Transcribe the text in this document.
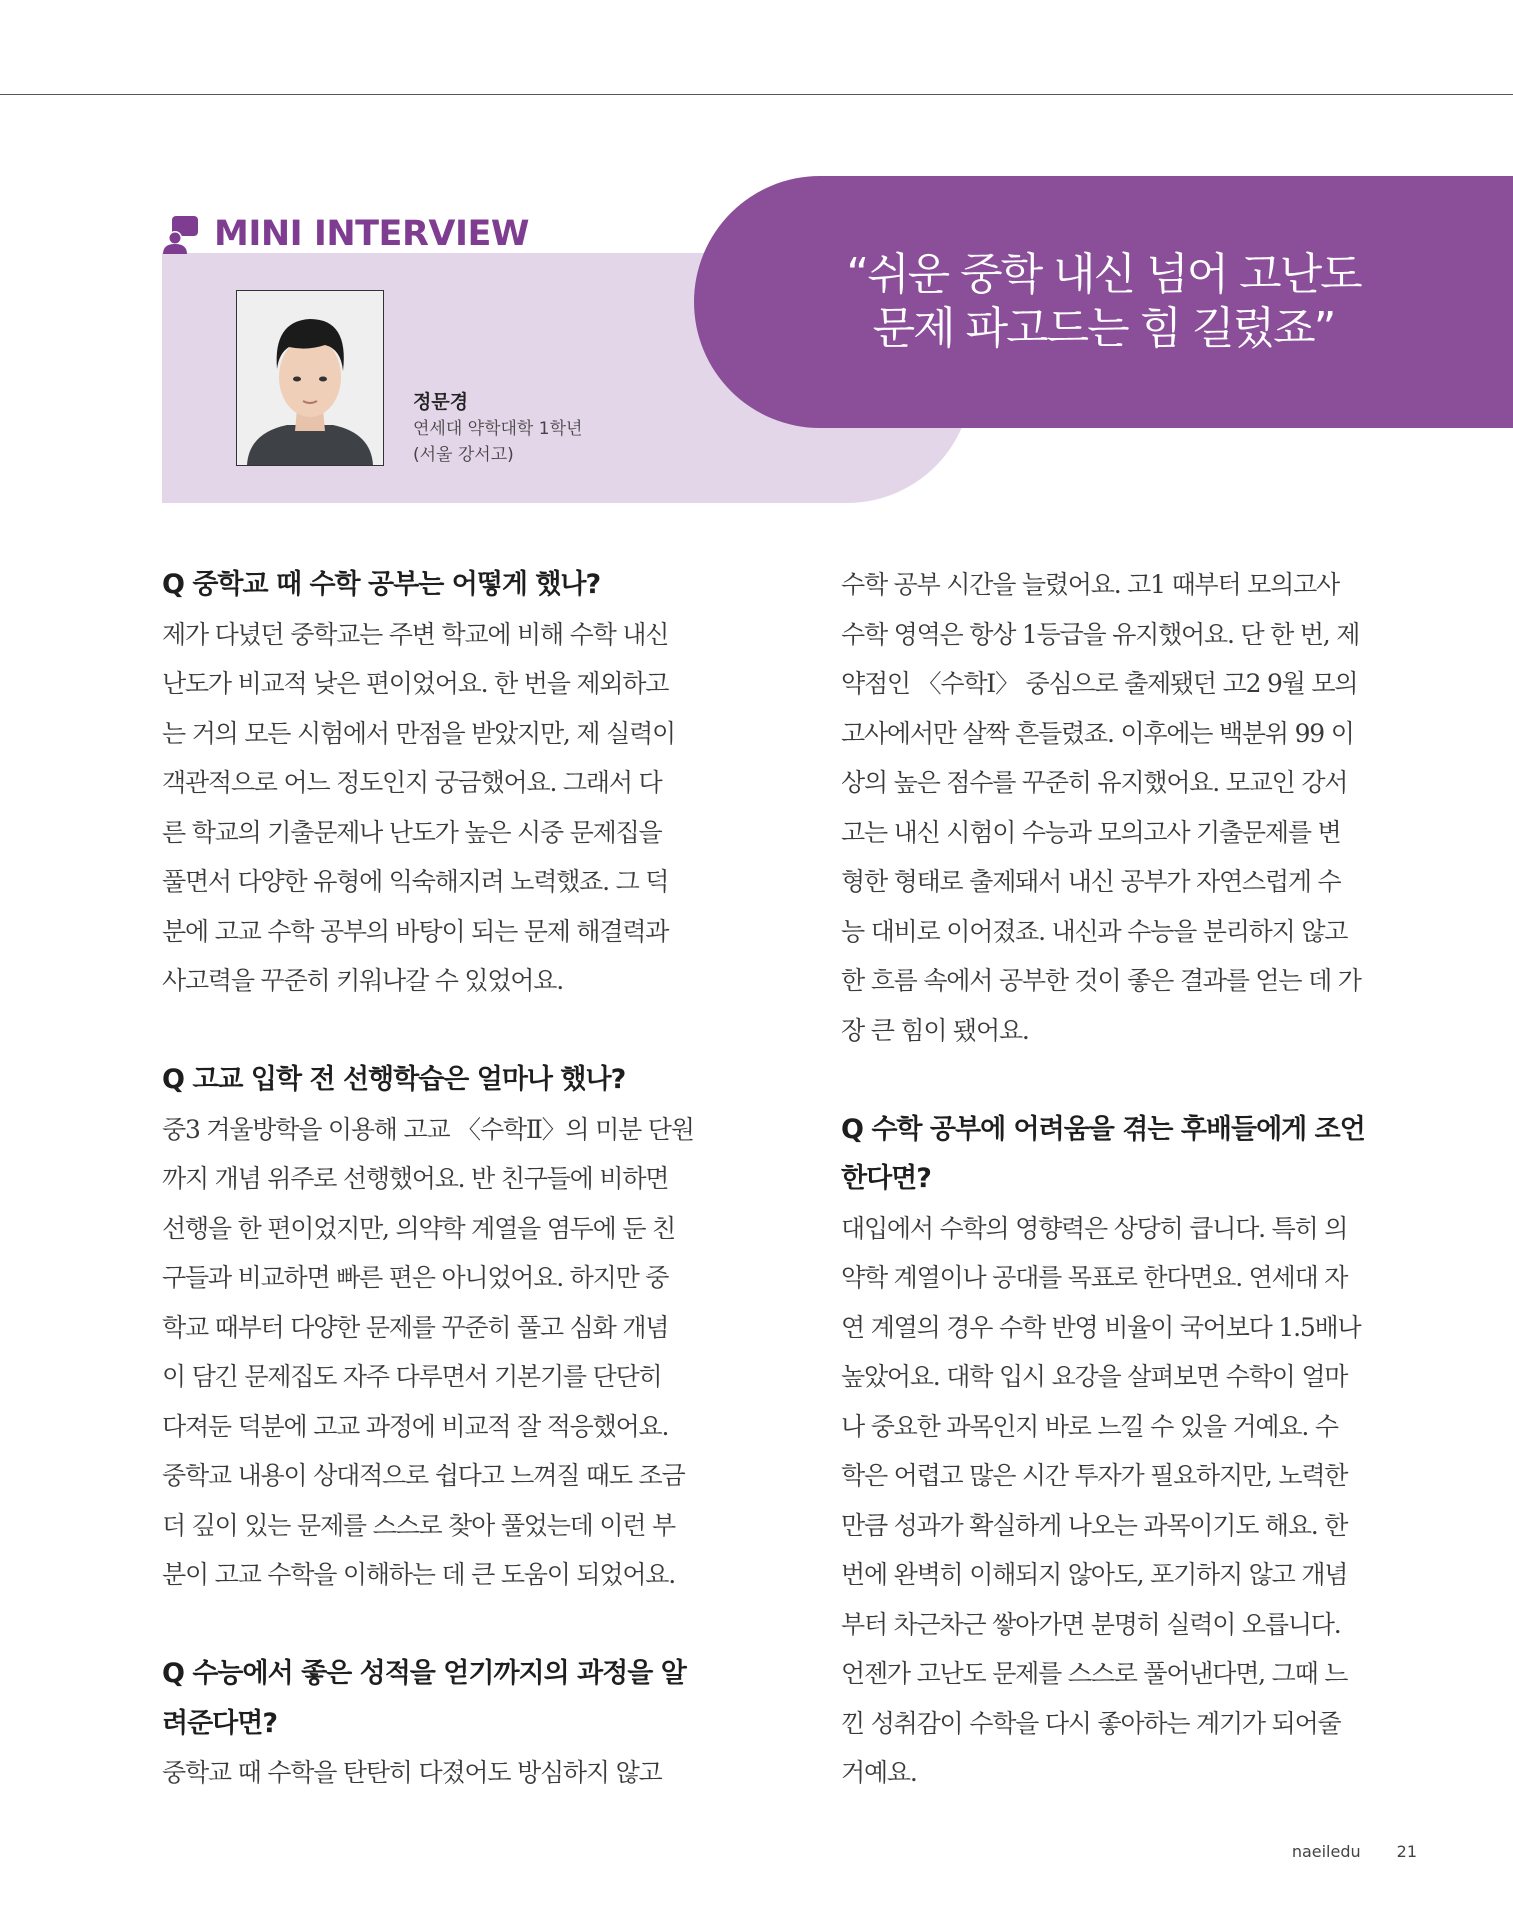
“쉬운 중학 내신 넘어 고난도
문제 파고드는 힘 길렀죠”
MINI INTERVIEW
정문경
연세대 약학대학 1학년
(서울 강서고)
Q 중학교 때 수학 공부는 어떻게 했나?
제가 다녔던 중학교는 주변 학교에 비해 수학 내신
난도가 비교적 낮은 편이었어요. 한 번을 제외하고
는 거의 모든 시험에서 만점을 받았지만, 제 실력이
객관적으로 어느 정도인지 궁금했어요. 그래서 다
른 학교의 기출문제나 난도가 높은 시중 문제집을
풀면서 다양한 유형에 익숙해지려 노력했죠. 그 덕
분에 고교 수학 공부의 바탕이 되는 문제 해결력과
사고력을 꾸준히 키워나갈 수 있었어요.
Q 고교 입학 전 선행학습은 얼마나 했나?
중3 겨울방학을 이용해 고교 〈수학Ⅱ〉의 미분 단원
까지 개념 위주로 선행했어요. 반 친구들에 비하면
선행을 한 편이었지만, 의약학 계열을 염두에 둔 친
구들과 비교하면 빠른 편은 아니었어요. 하지만 중
학교 때부터 다양한 문제를 꾸준히 풀고 심화 개념
이 담긴 문제집도 자주 다루면서 기본기를 단단히
다져둔 덕분에 고교 과정에 비교적 잘 적응했어요.
중학교 내용이 상대적으로 쉽다고 느껴질 때도 조금
더 깊이 있는 문제를 스스로 찾아 풀었는데 이런 부
분이 고교 수학을 이해하는 데 큰 도움이 되었어요.
Q 수능에서 좋은 성적을 얻기까지의 과정을 알
려준다면?
중학교 때 수학을 탄탄히 다졌어도 방심하지 않고
수학 공부 시간을 늘렸어요. 고1 때부터 모의고사
수학 영역은 항상 1등급을 유지했어요. 단 한 번, 제
약점인 〈수학Ⅰ〉 중심으로 출제됐던 고2 9월 모의
고사에서만 살짝 흔들렸죠. 이후에는 백분위 99 이
상의 높은 점수를 꾸준히 유지했어요. 모교인 강서
고는 내신 시험이 수능과 모의고사 기출문제를 변
형한 형태로 출제돼서 내신 공부가 자연스럽게 수
능 대비로 이어졌죠. 내신과 수능을 분리하지 않고
한 흐름 속에서 공부한 것이 좋은 결과를 얻는 데 가
장 큰 힘이 됐어요.
Q 수학 공부에 어려움을 겪는 후배들에게 조언
한다면?
대입에서 수학의 영향력은 상당히 큽니다. 특히 의
약학 계열이나 공대를 목표로 한다면요. 연세대 자
연 계열의 경우 수학 반영 비율이 국어보다 1.5배나
높았어요. 대학 입시 요강을 살펴보면 수학이 얼마
나 중요한 과목인지 바로 느낄 수 있을 거예요. 수
학은 어렵고 많은 시간 투자가 필요하지만, 노력한
만큼 성과가 확실하게 나오는 과목이기도 해요. 한
번에 완벽히 이해되지 않아도, 포기하지 않고 개념
부터 차근차근 쌓아가면 분명히 실력이 오릅니다.
언젠가 고난도 문제를 스스로 풀어낸다면, 그때 느
낀 성취감이 수학을 다시 좋아하는 계기가 되어줄
거예요.
naeiledu 21
